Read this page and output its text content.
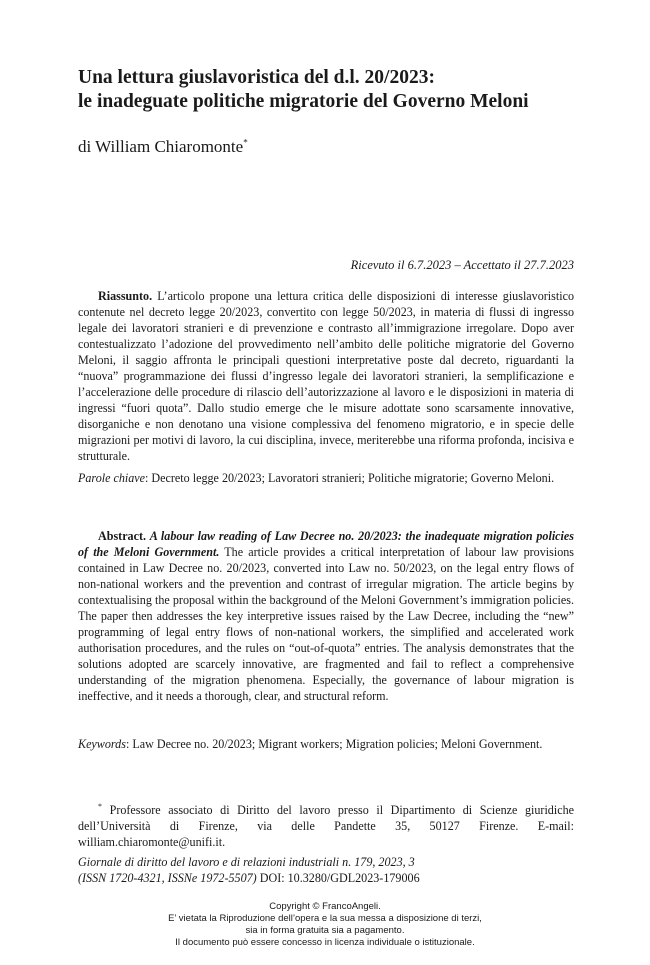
Una lettura giuslavoristica del d.l. 20/2023:
le inadeguate politiche migratorie del Governo Meloni
di William Chiaromonte*
Ricevuto il 6.7.2023 – Accettato il 27.7.2023

Riassunto. L’articolo propone una lettura critica delle disposizioni di interesse giuslavoristico contenute nel decreto legge 20/2023, convertito con legge 50/2023, in materia di flussi di ingresso legale dei lavoratori stranieri e di prevenzione e contrasto all’immigrazione irregolare. Dopo aver contestualizzato l’adozione del provvedimento nell’ambito delle politiche migratorie del Governo Meloni, il saggio affronta le principali questioni interpretative poste dal decreto, riguardanti la “nuova” programmazione dei flussi d’ingresso legale dei lavoratori stranieri, la semplificazione e l’accelerazione delle procedure di rilascio dell’autorizzazione al lavoro e le disposizioni in materia di ingressi “fuori quota”. Dallo studio emerge che le misure adottate sono scarsamente innovative, disorganiche e non denotano una visione complessiva del fenomeno migratorio, e in specie delle migrazioni per motivi di lavoro, la cui disciplina, invece, meriterebbe una riforma profonda, incisiva e strutturale.

Parole chiave: Decreto legge 20/2023; Lavoratori stranieri; Politiche migratorie; Governo Meloni.

Abstract. A labour law reading of Law Decree no. 20/2023: the inadequate migration policies of the Meloni Government. The article provides a critical interpretation of labour law provisions contained in Law Decree no. 20/2023, converted into Law no. 50/2023, on the legal entry flows of non-national workers and the prevention and contrast of irregular migration. The article begins by contextualising the proposal within the background of the Meloni Government’s immigration policies. The paper then addresses the key interpretive issues raised by the Law Decree, including the “new” programming of legal entry flows of non-national workers, the simplified and accelerated work authorisation procedures, and the rules on “out-of-quota” entries. The analysis demonstrates that the solutions adopted are scarcely innovative, are fragmented and fail to reflect a comprehensive understanding of the migration phenomena. Especially, the governance of labour migration is ineffective, and it needs a thorough, clear, and structural reform.

Keywords: Law Decree no. 20/2023; Migrant workers; Migration policies; Meloni Government.

* Professore associato di Diritto del lavoro presso il Dipartimento di Scienze giuridiche dell’Università di Firenze, via delle Pandette 35, 50127 Firenze. E-mail: william.chiaromonte@unifi.it.

Giornale di diritto del lavoro e di relazioni industriali n. 179, 2023, 3
(ISSN 1720-4321, ISSNe 1972-5507) DOI: 10.3280/GDL2023-179006

Copyright © FrancoAngeli.
E’ vietata la Riproduzione dell’opera e la sua messa a disposizione di terzi,
sia in forma gratuita sia a pagamento.
Il documento può essere concesso in licenza individuale o istituzionale.
